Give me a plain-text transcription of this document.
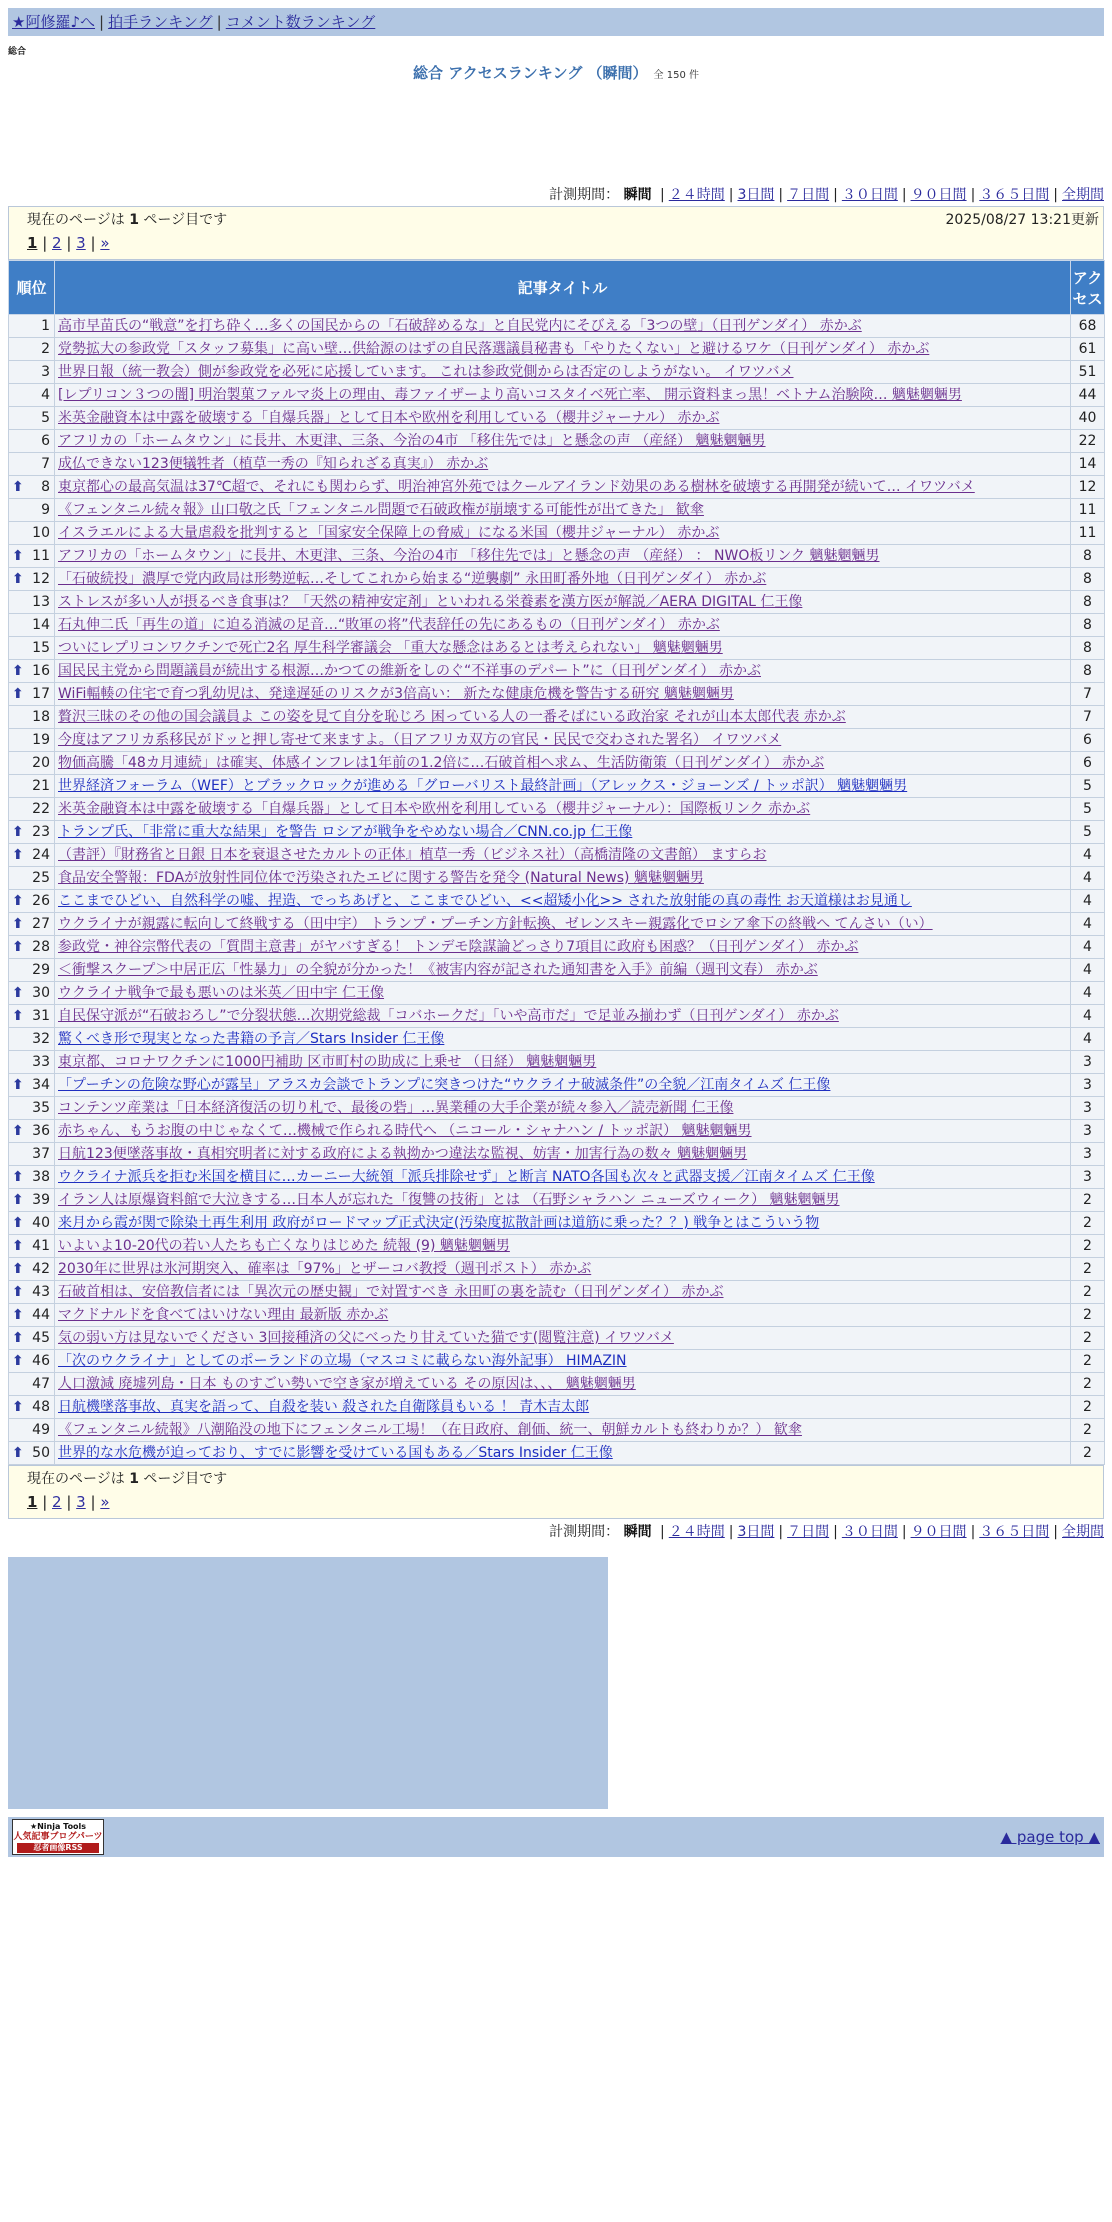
★阿修羅♪へ | 拍手ランキング | コメント数ランキング
総合
総合 アクセスランキング （瞬間） 全 150 件
計測期間： 瞬間 | ２４時間 | 3日間 | ７日間 | ３０日間 | ９０日間 | ３６５日間 | 全期間
現在のページは 1 ページ目です	2025/08/27 13:21更新
1 | 2 | 3 | »
順位	記事タイトル	アクセス
1	高市早苗氏の“戦意”を打ち砕く…多くの国民からの「石破辞めるな」と自民党内にそびえる「3つの壁」（日刊ゲンダイ） 赤かぶ	68
2	党勢拡大の参政党「スタッフ募集」に高い壁…供給源のはずの自民落選議員秘書も「やりたくない」と避けるワケ（日刊ゲンダイ） 赤かぶ	61
3	世界日報（統一教会）側が参政党を必死に応援しています。 これは参政党側からは否定のしようがない。 イワツバメ	51
4	[レプリコン３つの闇] 明治製菓ファルマ炎上の理由、毒ファイザーより高いコスタイベ死亡率、 開示資料まっ黒！ベトナム治験険… 魑魅魍魎男	44
5	米英金融資本は中露を破壊する「自爆兵器」として日本や欧州を利用している（櫻井ジャーナル） 赤かぶ	40
6	アフリカの「ホームタウン」に長井、木更津、三条、今治の4市 「移住先では」と懸念の声 （産経） 魑魅魍魎男	22
7	成仏できない123便犠牲者（植草一秀の『知られざる真実』） 赤かぶ	14

⬆ 8	東京都心の最高気温は37℃超で、それにも関わらず、明治神宮外苑ではクールアイランド効果のある樹林を破壊する再開発が続いて… イワツバメ	12
9	《フェンタニル続々報》山口敬之氏「フェンタニル問題で石破政権が崩壊する可能性が出てきた」 歓傘	11
10	イスラエルによる大量虐殺を批判すると「国家安全保障上の脅威」になる米国（櫻井ジャーナル） 赤かぶ	11

⬆ 11	アフリカの「ホームタウン」に長井、木更津、三条、今治の4市 「移住先では」と懸念の声 （産経） ： NWO板リンク 魑魅魍魎男	8

⬆ 12	「石破続投」濃厚で党内政局は形勢逆転…そしてこれから始まる“逆襲劇” 永田町番外地（日刊ゲンダイ） 赤かぶ	8
13	ストレスが多い人が摂るべき食事は？「天然の精神安定剤」といわれる栄養素を漢方医が解説／AERA DIGITAL 仁王像	8
14	石丸伸二氏「再生の道」に迫る消滅の足音…“敗軍の将”代表辞任の先にあるもの（日刊ゲンダイ） 赤かぶ	8
15	ついにレプリコンワクチンで死亡2名 厚生科学審議会 「重大な懸念はあるとは考えられない」 魑魅魍魎男	8

⬆ 16	国民民主党から問題議員が続出する根源…かつての維新をしのぐ“不祥事のデパート”に（日刊ゲンダイ） 赤かぶ	8

⬆ 17	WiFi輻輳の住宅で育つ乳幼児は、発達遅延のリスクが3倍高い： 新たな健康危機を警告する研究 魑魅魍魎男	7
18	贅沢三昧のその他の国会議員よ この姿を見て自分を恥じろ 困っている人の一番そばにいる政治家 それが山本太郎代表 赤かぶ	7
19	今度はアフリカ系移民がドッと押し寄せて来ますよ。（日アフリカ双方の官民・民民で交わされた署名） イワツバメ	6
20	物価高騰「48カ月連続」は確実、体感インフレは1年前の1.2倍に…石破首相へ求ム、生活防衛策（日刊ゲンダイ） 赤かぶ	6
21	世界経済フォーラム（WEF）とブラックロックが進める「グローバリスト最終計画」（アレックス・ジョーンズ / トッポ訳） 魑魅魍魎男	5
22	米英金融資本は中露を破壊する「自爆兵器」として日本や欧州を利用している（櫻井ジャーナル）：国際板リンク 赤かぶ	5

⬆ 23	トランプ氏、「非常に重大な結果」を警告 ロシアが戦争をやめない場合／CNN.co.jp 仁王像	5

⬆ 24	（書評）『財務省と日銀 日本を衰退させたカルトの正体』植草一秀（ビジネス社）（高橋清隆の文書館） ますらお	4
25	食品安全警報：FDAが放射性同位体で汚染されたエビに関する警告を発令 (Natural News) 魑魅魍魎男	4

⬆ 26	ここまでひどい、自然科学の嘘、捏造、でっちあげと、ここまでひどい、<<超矮小化>> された放射能の真の毒性 お天道様はお見通し	4

⬆ 27	ウクライナが親露に転向して終戦する（田中宇） トランプ・プーチン方針転換、ゼレンスキー親露化でロシア傘下の終戦へ てんさい（い）	4

⬆ 28	参政党・神谷宗幣代表の「質問主意書」がヤバすぎる！ トンデモ陰謀論どっさり7項目に政府も困惑？（日刊ゲンダイ） 赤かぶ	4
29	＜衝撃スクープ＞中居正広「性暴力」の全貌が分かった！《被害内容が記された通知書を入手》前編（週刊文春） 赤かぶ	4

⬆ 30	ウクライナ戦争で最も悪いのは米英／田中宇 仁王像	4

⬆ 31	自民保守派が“石破おろし”で分裂状態…次期党総裁「コバホークだ」「いや高市だ」で足並み揃わず（日刊ゲンダイ） 赤かぶ	4
32	驚くべき形で現実となった書籍の予言／Stars Insider 仁王像	4
33	東京都、コロナワクチンに1000円補助 区市町村の助成に上乗せ （日経） 魑魅魍魎男	3

⬆ 34	「プーチンの危険な野心が露呈」アラスカ会談でトランプに突きつけた“ウクライナ破滅条件”の全貌／江南タイムズ 仁王像	3
35	コンテンツ産業は「日本経済復活の切り札で、最後の砦」…異業種の大手企業が続々参入／読売新聞 仁王像	3

⬆ 36	赤ちゃん、もうお腹の中じゃなくて…機械で作られる時代へ （ニコール・シャナハン / トッポ訳） 魑魅魍魎男	3
37	日航123便墜落事故・真相究明者に対する政府による執拗かつ違法な監視、妨害・加害行為の数々 魑魅魍魎男	3

⬆ 38	ウクライナ派兵を拒む米国を横目に…カーニー大統領「派兵排除せず」と断言 NATO各国も次々と武器支援／江南タイムズ 仁王像	3

⬆ 39	イラン人は原爆資料館で大泣きする…日本人が忘れた「復讐の技術」とは （石野シャラハン ニューズウィーク） 魑魅魍魎男	2

⬆ 40	来月から霞が関で除染土再生利用 政府がロードマップ正式決定(汚染度拡散計画は道筋に乗った？？) 戦争とはこういう物	2

⬆ 41	いよいよ10-20代の若い人たちも亡くなりはじめた 続報 (9) 魑魅魍魎男	2

⬆ 42	2030年に世界は氷河期突入、確率は「97%」とザーコバ教授（週刊ポスト） 赤かぶ	2

⬆ 43	石破首相は、安倍教信者には「異次元の歴史観」で対置すべき 永田町の裏を読む（日刊ゲンダイ） 赤かぶ	2

⬆ 44	マクドナルドを食べてはいけない理由 最新版 赤かぶ	2

⬆ 45	気の弱い方は見ないでください 3回接種済の父にべったり甘えていた猫です(閲覧注意) イワツバメ	2

⬆ 46	「次のウクライナ」としてのポーランドの立場（マスコミに載らない海外記事） HIMAZIN	2
47	人口激減 廃墟列島・日本 ものすごい勢いで空き家が増えている その原因は、、、 魑魅魍魎男	2

⬆ 48	日航機墜落事故、真実を語って、自殺を装い 殺された自衛隊員もいる ！ 青木吉太郎	2
49	《フェンタニル続報》八潮陥没の地下にフェンタニル工場！（在日政府、創価、統一、朝鮮カルトも終わりか？） 歓傘	2

⬆ 50	世界的な水危機が迫っており、すでに影響を受けている国もある／Stars Insider 仁王像	2
現在のページは 1 ページ目です
1 | 2 | 3 | »
計測期間： 瞬間 | ２４時間 | 3日間 | ７日間 | ３０日間 | ９０日間 | ３６５日間 | 全期間
★Ninja Tools
人気記事ブログパーツ
忍者画像RSS
▲ page top ▲
